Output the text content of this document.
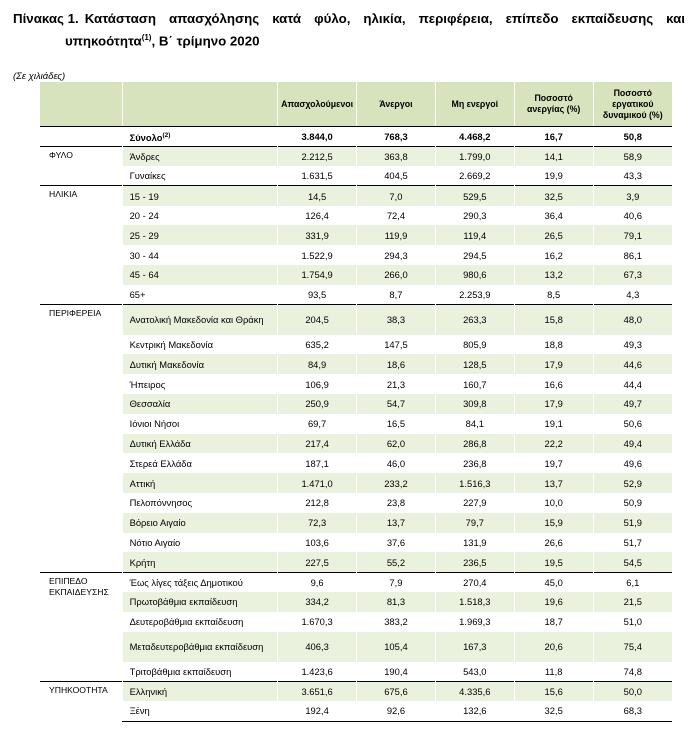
Πίνακας 1. Κατάσταση απασχόλησης κατά φύλο, ηλικία, περιφέρεια, επίπεδο εκπαίδευσης και
υπηκοότητα$^{(1)}$, Β΄ τρίμηνο 2020
(Σε χιλιάδες)
		Απασχολούμενοι	Άνεργοι	Μη ενεργοί	Ποσοστό ανεργίας (%)	Ποσοστό εργατικού δυναμικού (%)
	Σύνολο$^{(2)}$	3.844,0	768,3	4.468,2	16,7	50,8
ΦΥΛΟ	Άνδρες	2.212,5	363,8	1.799,0	14,1	58,9
	Γυναίκες	1.631,5	404,5	2.669,2	19,9	43,3
ΗΛΙΚΙΑ	15 - 19	14,5	7,0	529,5	32,5	3,9
	20 - 24	126,4	72,4	290,3	36,4	40,6
	25 - 29	331,9	119,9	119,4	26,5	79,1
	30 - 44	1.522,9	294,3	294,5	16,2	86,1
	45 - 64	1.754,9	266,0	980,6	13,2	67,3
	65+	93,5	8,7	2.253,9	8,5	4,3
ΠΕΡΙΦΕΡΕΙΑ	Ανατολική Μακεδονία και Θράκη	204,5	38,3	263,3	15,8	48,0
	Κεντρική Μακεδονία	635,2	147,5	805,9	18,8	49,3
	Δυτική Μακεδονία	84,9	18,6	128,5	17,9	44,6
	Ήπειρος	106,9	21,3	160,7	16,6	44,4
	Θεσσαλία	250,9	54,7	309,8	17,9	49,7
	Ιόνιοι Νήσοι	69,7	16,5	84,1	19,1	50,6
	Δυτική Ελλάδα	217,4	62,0	286,8	22,2	49,4
	Στερεά Ελλάδα	187,1	46,0	236,8	19,7	49,6
	Αττική	1.471,0	233,2	1.516,3	13,7	52,9
	Πελοπόννησος	212,8	23,8	227,9	10,0	50,9
	Βόρειο Αιγαίο	72,3	13,7	79,7	15,9	51,9
	Νότιο Αιγαίο	103,6	37,6	131,9	26,6	51,7
	Κρήτη	227,5	55,2	236,5	19,5	54,5
ΕΠΙΠΕΔΟ ΕΚΠΑΙΔΕΥΣΗΣ	Έως λίγες τάξεις Δημοτικού	9,6	7,9	270,4	45,0	6,1
	Πρωτοβάθμια εκπαίδευση	334,2	81,3	1.518,3	19,6	21,5
	Δευτεροβάθμια εκπαίδευση	1.670,3	383,2	1.969,3	18,7	51,0
	Μεταδευτεροβάθμια εκπαίδευση	406,3	105,4	167,3	20,6	75,4
	Τριτοβάθμια εκπαίδευση	1.423,6	190,4	543,0	11,8	74,8
ΥΠΗΚΟΟΤΗΤΑ	Ελληνική	3.651,6	675,6	4.335,6	15,6	50,0
	Ξένη	192,4	92,6	132,6	32,5	68,3
